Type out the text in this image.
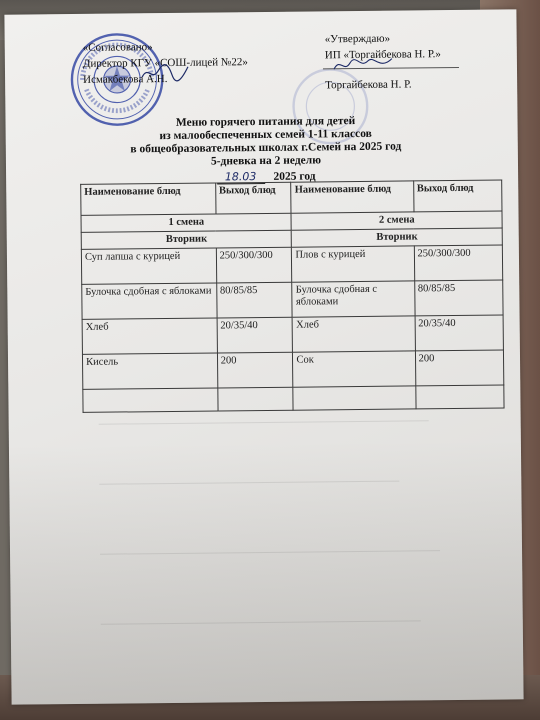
«Согласовано»
Директор КГУ «СОШ-лицей №22»
Исмакбекова А.Н.
«Утверждаю»
ИП «Торгайбекова Н. Р.»
Торгайбекова Н. Р.
Меню горячего питания для детей
из малообеспеченных семей 1-11 классов
в общеобразовательных школах г.Семей на 2025 год
5-дневка на 2 неделю
18.03 2025 год
Наименование блюд	Выход блюд	Наименование блюд	Выход блюд
1 смена		2 смена	
Вторник		Вторник	
Суп лапша с курицей	250/300/300	Плов с курицей	250/300/300
Булочка сдобная с яблоками	80/85/85	Булочка сдобная с яблоками	80/85/85
Хлеб	20/35/40	Хлеб	20/35/40
Кисель	200	Сок	200
